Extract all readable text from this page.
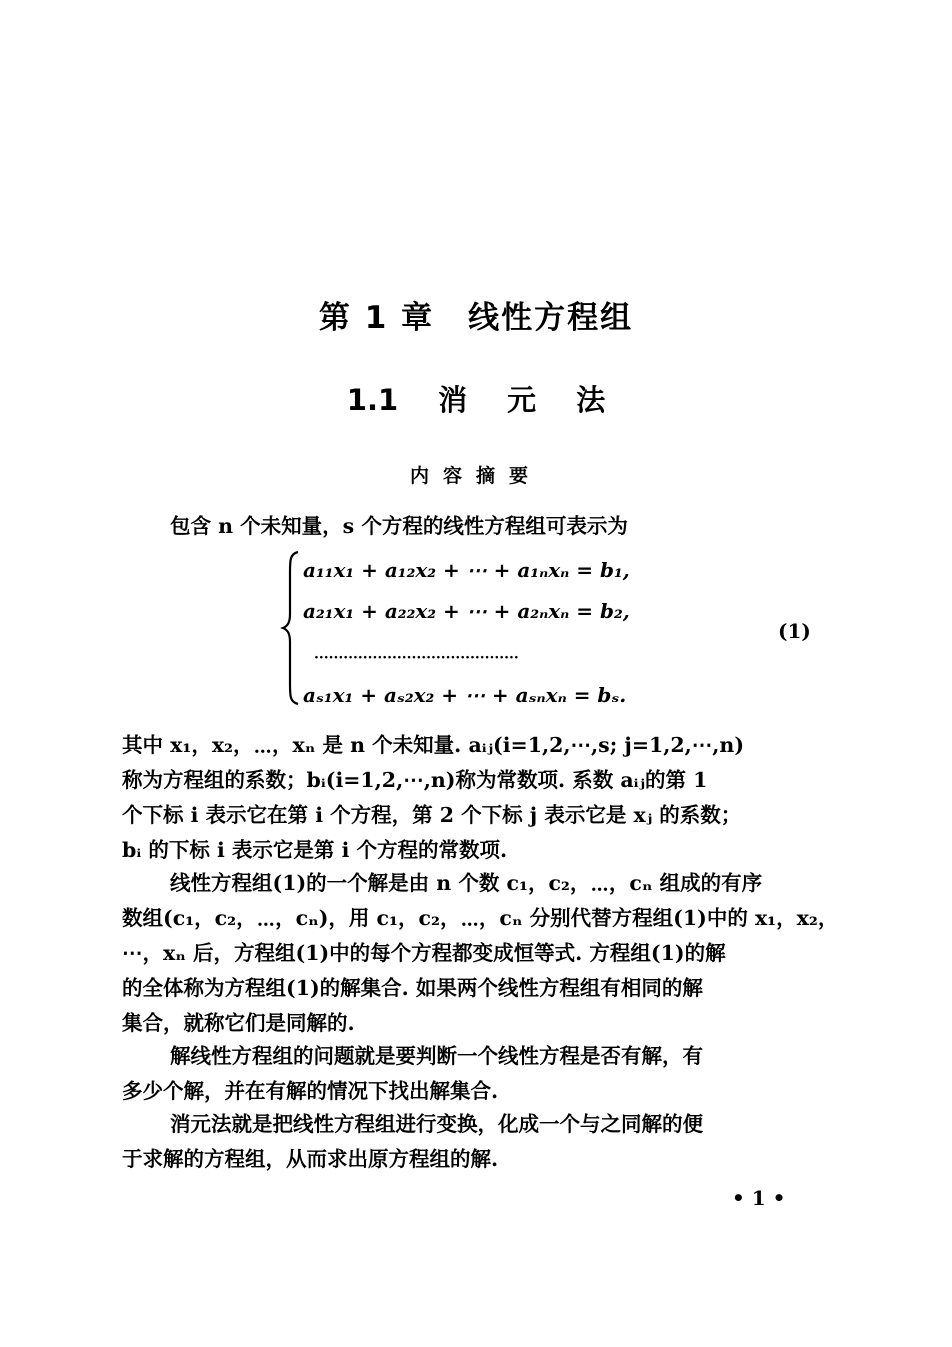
第 1 章 线性方程组
1.1 消 元 法
内容摘要
包含 n 个未知量，s 个方程的线性方程组可表示为
a₁₁x₁ + a₁₂x₂ + ⋯ + a₁ₙxₙ = b₁,
a₂₁x₁ + a₂₂x₂ + ⋯ + a₂ₙxₙ = b₂,
··········································
aₛ₁x₁ + aₛ₂x₂ + ⋯ + aₛₙxₙ = bₛ.
(1)
其中 x₁，x₂，⋯，xₙ 是 n 个未知量. aᵢⱼ(i=1,2,⋯,s; j=1,2,⋯,n)
称为方程组的系数；bᵢ(i=1,2,⋯,n)称为常数项. 系数 aᵢⱼ的第 1
个下标 i 表示它在第 i 个方程，第 2 个下标 j 表示它是 xⱼ 的系数；
bᵢ 的下标 i 表示它是第 i 个方程的常数项.
线性方程组(1)的一个解是由 n 个数 c₁，c₂，⋯，cₙ 组成的有序
数组(c₁，c₂，⋯，cₙ)，用 c₁，c₂，⋯，cₙ 分别代替方程组(1)中的 x₁，x₂，
⋯，xₙ 后，方程组(1)中的每个方程都变成恒等式. 方程组(1)的解
的全体称为方程组(1)的解集合. 如果两个线性方程组有相同的解
集合，就称它们是同解的.
解线性方程组的问题就是要判断一个线性方程是否有解，有
多少个解，并在有解的情况下找出解集合.
消元法就是把线性方程组进行变换，化成一个与之同解的便
于求解的方程组，从而求出原方程组的解.
• 1 •
